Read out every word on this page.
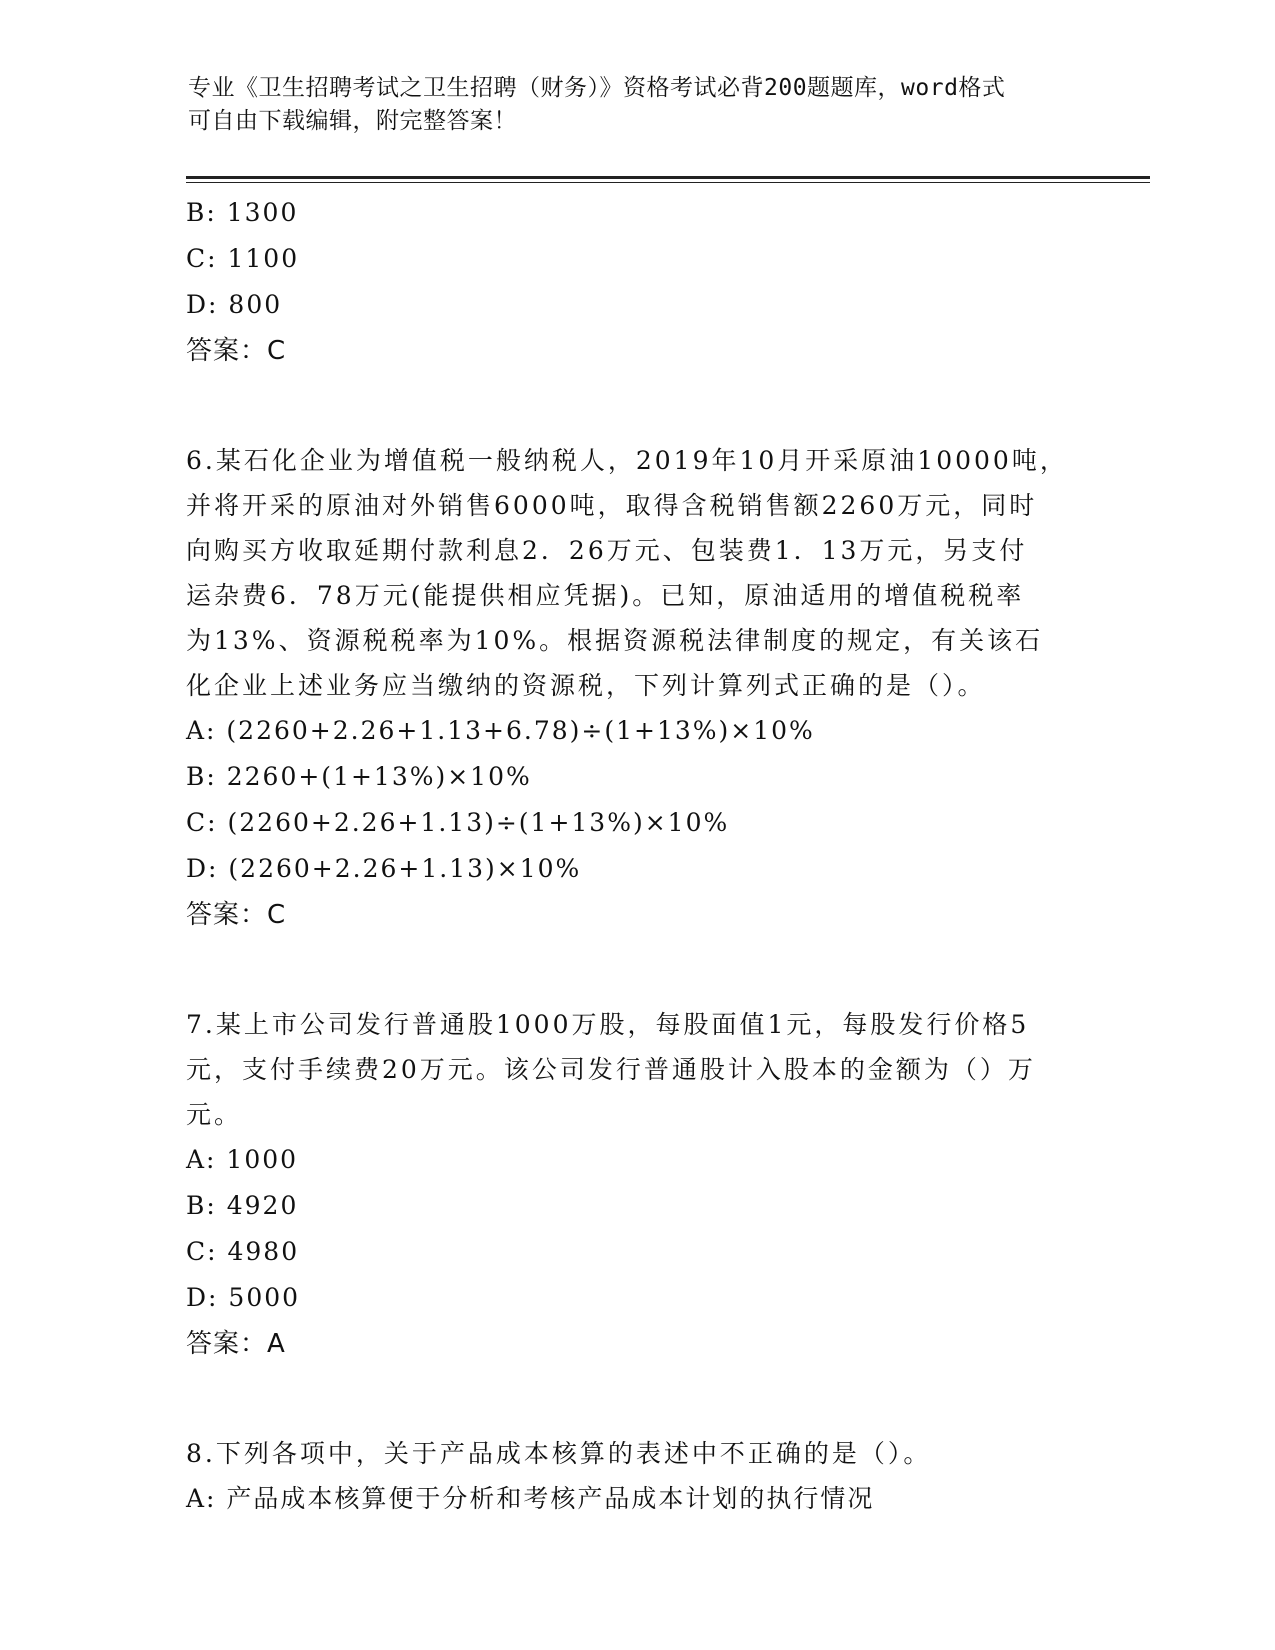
专业《卫生招聘考试之卫生招聘（财务）》资格考试必背200题题库，word格式
可自由下载编辑，附完整答案！
B: 1300
C: 1100
D: 800
答案：C
6.某石化企业为增值税一般纳税人，2019年10月开采原油10000吨，
并将开采的原油对外销售6000吨，取得含税销售额2260万元，同时
向购买方收取延期付款利息2．26万元、包装费1．13万元，另支付
运杂费6．78万元(能提供相应凭据)。已知，原油适用的增值税税率
为13%、资源税税率为10%。根据资源税法律制度的规定，有关该石
化企业上述业务应当缴纳的资源税，下列计算列式正确的是（）。
A: (2260+2.26+1.13+6.78)÷(1+13%)×10%
B: 2260+(1+13%)×10%
C: (2260+2.26+1.13)÷(1+13%)×10%
D: (2260+2.26+1.13)×10%
答案：C
7.某上市公司发行普通股1000万股，每股面值1元，每股发行价格5
元，支付手续费20万元。该公司发行普通股计入股本的金额为（）万
元。
A: 1000
B: 4920
C: 4980
D: 5000
答案：A
8.下列各项中，关于产品成本核算的表述中不正确的是（）。
A: 产品成本核算便于分析和考核产品成本计划的执行情况
